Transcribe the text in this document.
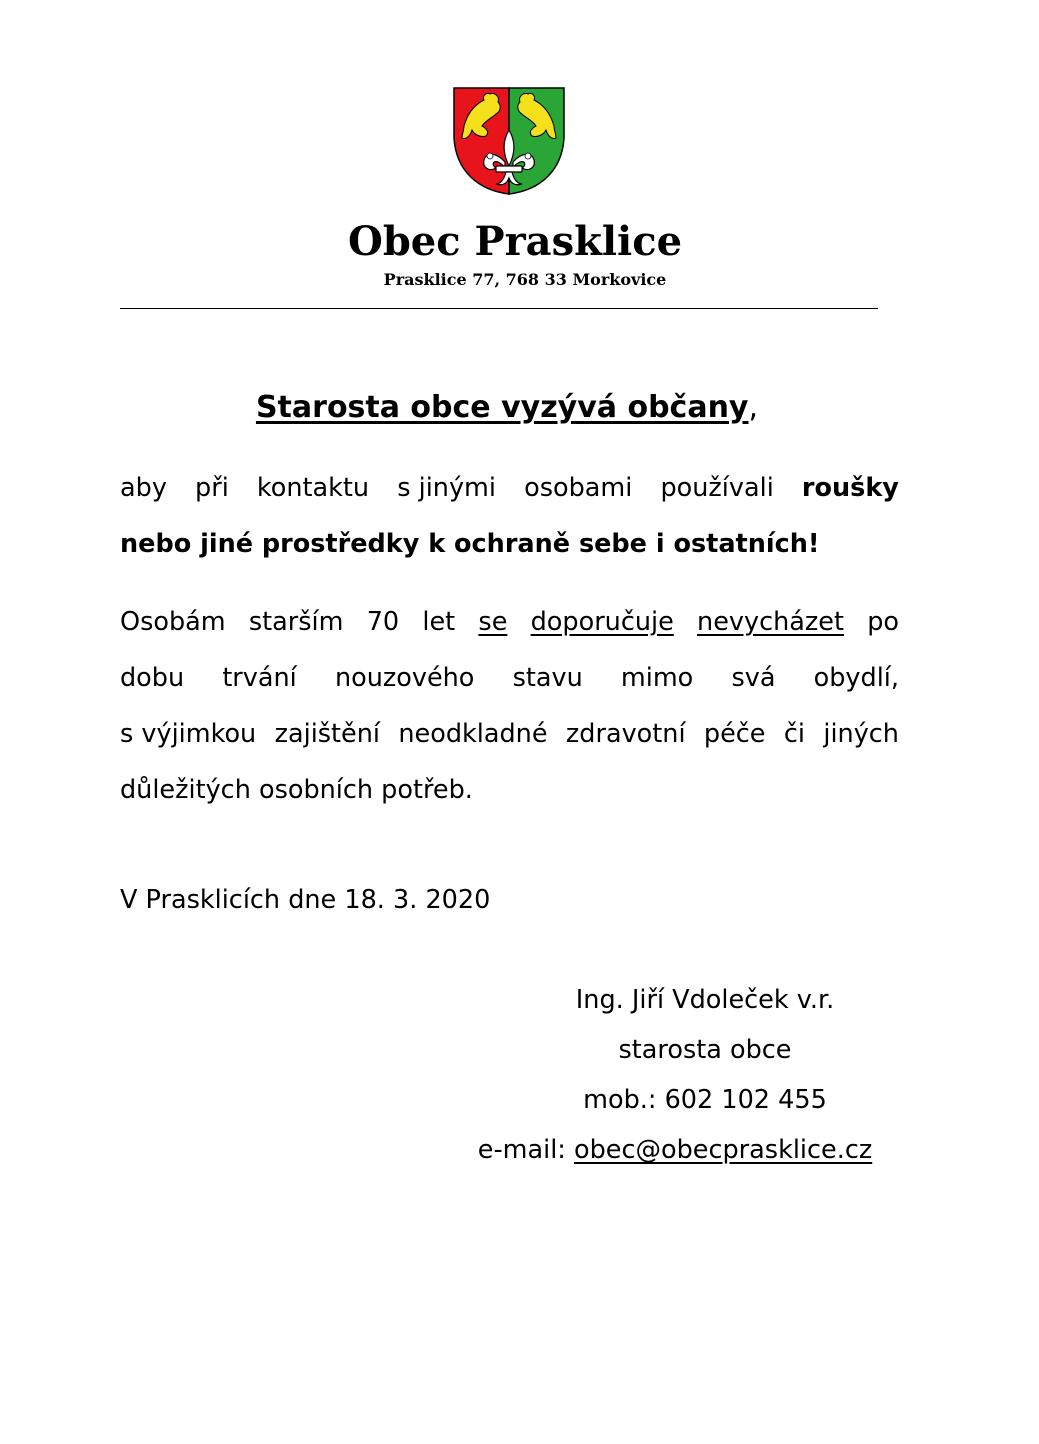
Obec Prasklice
Prasklice 77, 768 33 Morkovice
Starosta obce vyzývá občany,
aby při kontaktu s jinými osobami používali roušky
nebo jiné prostředky k ochraně sebe i ostatních!
Osobám starším 70 let se doporučuje nevycházet po
dobu trvání nouzového stavu mimo svá obydlí,
s výjimkou zajištění neodkladné zdravotní péče či jiných
důležitých osobních potřeb.
V Prasklicích dne 18. 3. 2020
Ing. Jiří Vdoleček v.r.
starosta obce
mob.: 602 102 455
e-mail: obec@obecprasklice.cz
